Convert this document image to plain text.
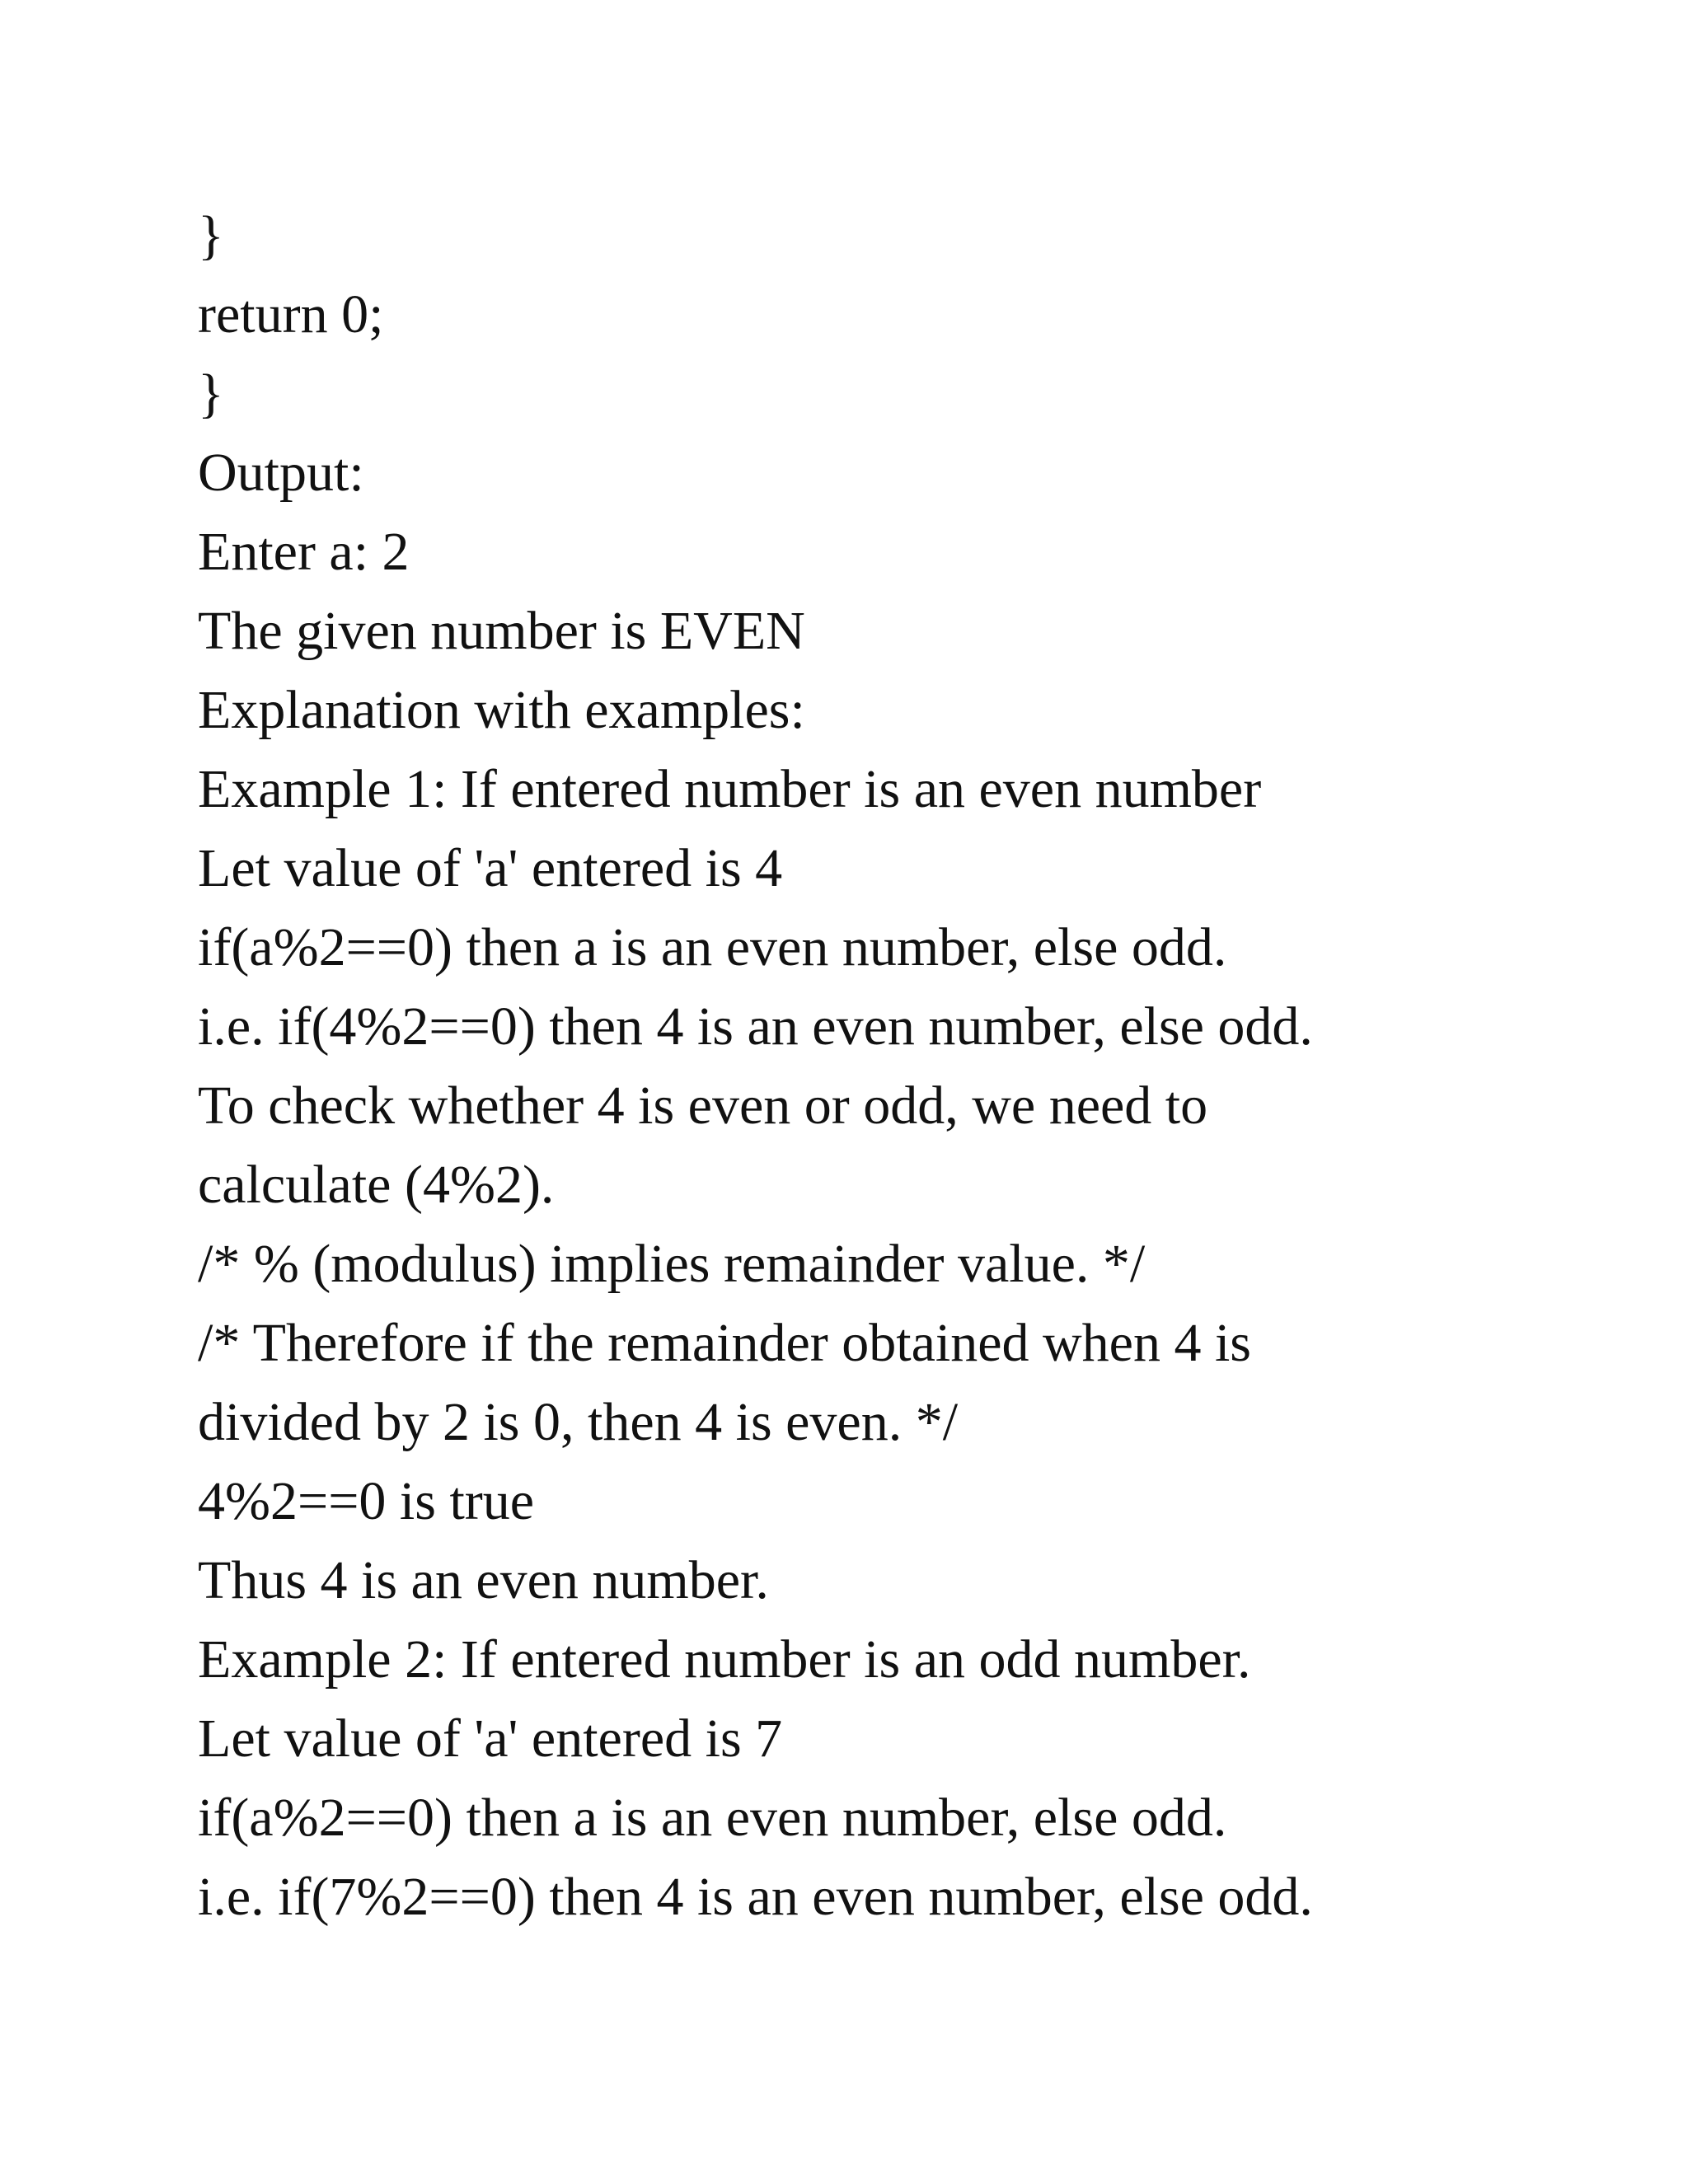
}
return 0;
}
Output:
Enter a: 2
The given number is EVEN
Explanation with examples:
Example 1: If entered number is an even number
Let value of 'a' entered is 4
if(a%2==0) then a is an even number, else odd.
i.e. if(4%2==0) then 4 is an even number, else odd.
To check whether 4 is even or odd, we need to
calculate (4%2).
/* % (modulus) implies remainder value. */
/* Therefore if the remainder obtained when 4 is
divided by 2 is 0, then 4 is even. */
4%2==0 is true
Thus 4 is an even number.
Example 2: If entered number is an odd number.
Let value of 'a' entered is 7
if(a%2==0) then a is an even number, else odd.
i.e. if(7%2==0) then 4 is an even number, else odd.
